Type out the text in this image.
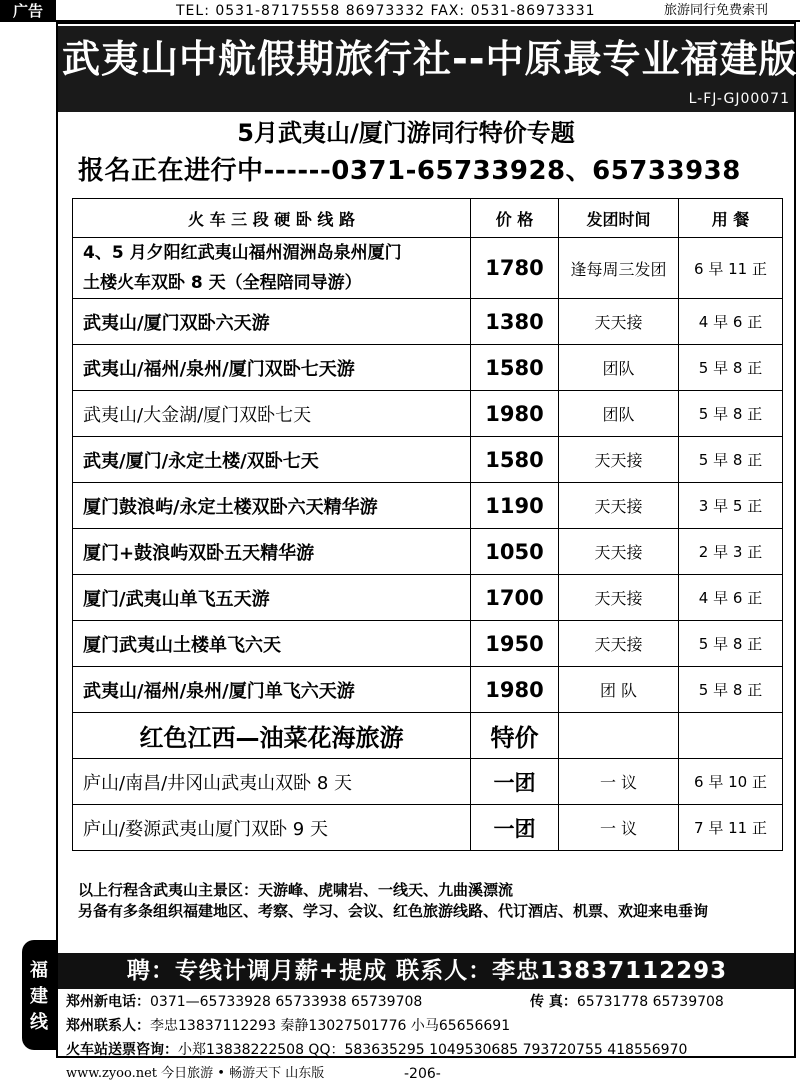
广告	TEL: 0531-87175558 86973332 FAX: 0531-86973331	旅游同行免费索刊
武夷山中航假期旅行社--中原最专业福建版
L-FJ-GJ00071
5月武夷山/厦门游同行特价专题
报名正在进行中------0371-65733928、65733938
火 车 三 段 硬 卧 线 路	价 格	发团时间	用 餐

4、5 月夕阳红武夷山福州湄洲岛泉州厦门
土楼火车双卧 8 天（全程陪同导游）	1780	逢每周三发团	6 早 11 正
武夷山/厦门双卧六天游	1380	天天接	4 早 6 正
武夷山/福州/泉州/厦门双卧七天游	1580	团队	5 早 8 正
武夷山/大金湖/厦门双卧七天	1980	团队	5 早 8 正
武夷/厦门/永定土楼/双卧七天	1580	天天接	5 早 8 正
厦门鼓浪屿/永定土楼双卧六天精华游	1190	天天接	3 早 5 正
厦门+鼓浪屿双卧五天精华游	1050	天天接	2 早 3 正
厦门/武夷山单飞五天游	1700	天天接	4 早 6 正
厦门武夷山土楼单飞六天	1950	天天接	5 早 8 正
武夷山/福州/泉州/厦门单飞六天游	1980	团 队	5 早 8 正
红色江西—油菜花海旅游	特价		
庐山/南昌/井冈山武夷山双卧 8 天	一团	一 议	6 早 10 正
庐山/婺源武夷山厦门双卧 9 天	一团	一 议	7 早 11 正

以上行程含武夷山主景区：天游峰、虎啸岩、一线天、九曲溪漂流

另备有多条组织福建地区、考察、学习、会议、红色旅游线路、代订酒店、机票、欢迎来电垂询

聘：专线计调月薪+提成 联系人：李忠13837112293
郑州新电话：0371—65733928 65733938 65739708	传 真：65731778 65739708
郑州联系人：李忠13837112293 秦静13027501776 小马65656691
火车站送票咨询：小郑13838222508 QQ：583635295 1049530685 793720755 418556970
福
建
线
www.zyoo.net 今日旅游 • 畅游天下 山东版	-206-
